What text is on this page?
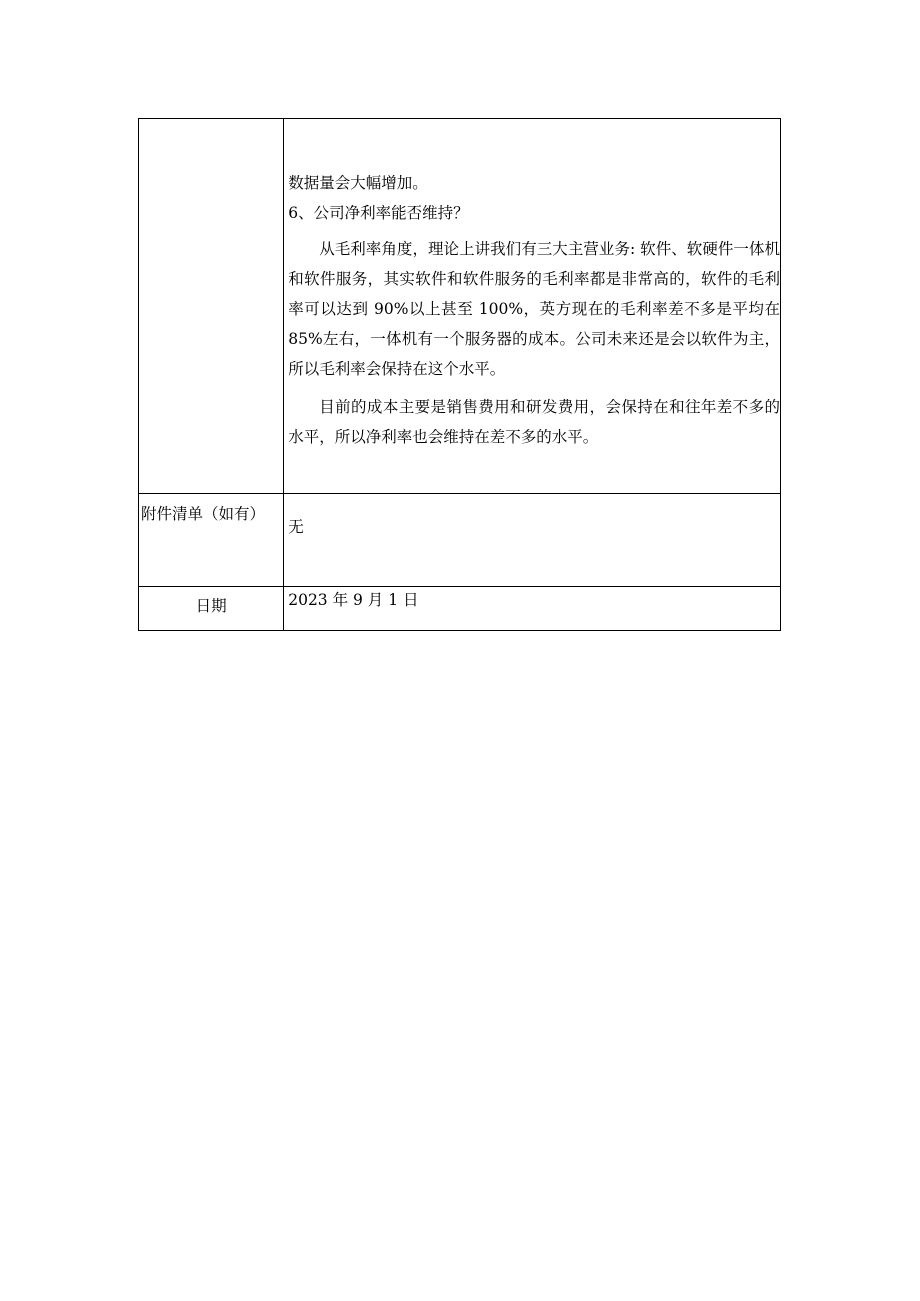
	数据量会大幅增加。

6、公司净利率能否维持？

从毛利率角度，理论上讲我们有三大主营业务: 软件、软硬件一体机和软件服务，其实软件和软件服务的毛利率都是非常高的，软件的毛利率可以达到 90%以上甚至 100%，英方现在的毛利率差不多是平均在 85%左右，一体机有一个服务器的成本。公司未来还是会以软件为主，所以毛利率会保持在这个水平。

目前的成本主要是销售费用和研发费用，会保持在和往年差不多的水平，所以净利率也会维持在差不多的水平。

附件清单（如有）	无
日期	2023 年 9 月 1 日
